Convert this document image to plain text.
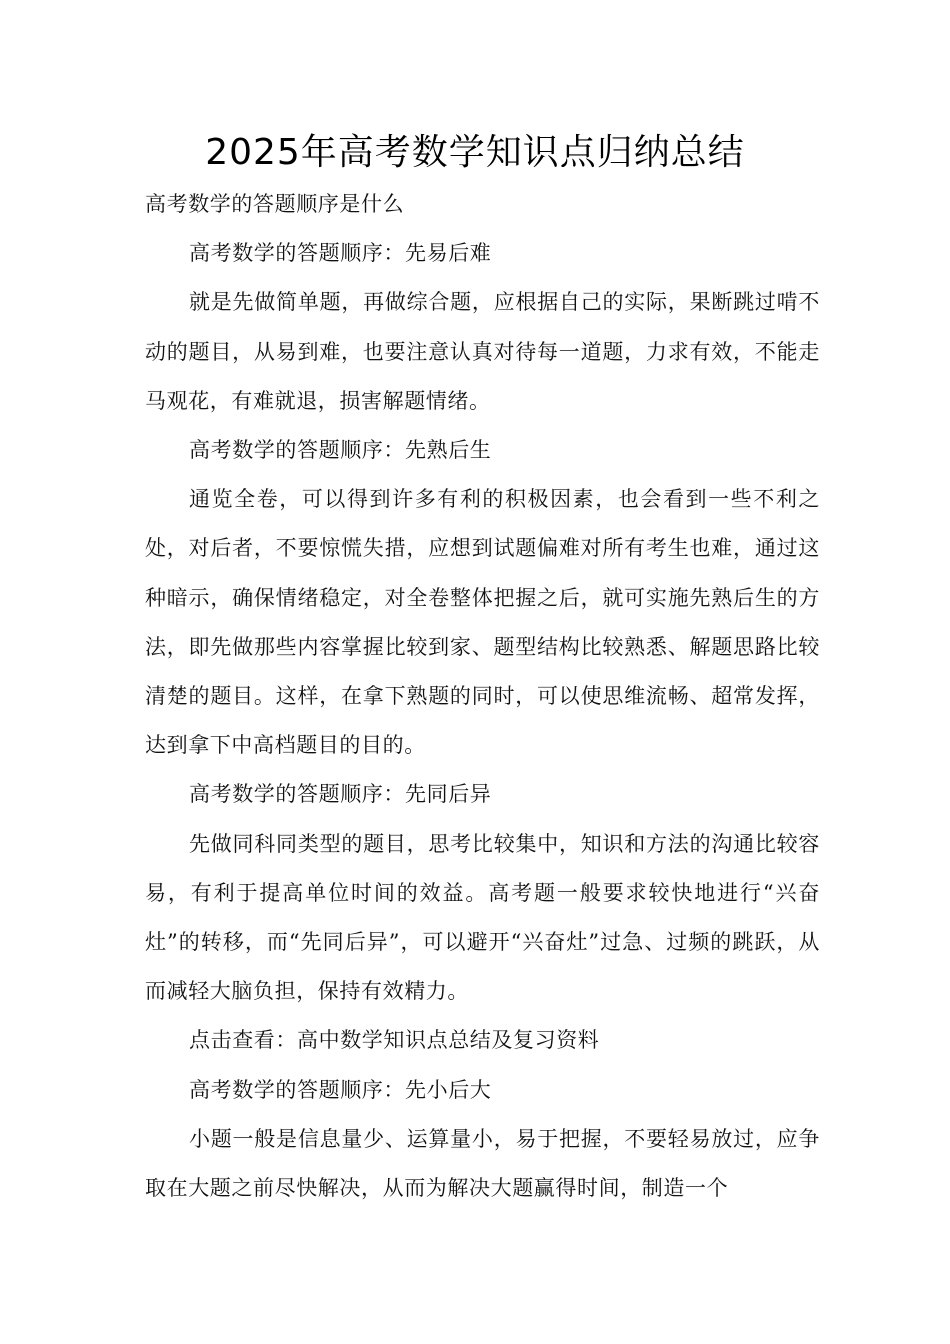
2025年高考数学知识点归纳总结

高考数学的答题顺序是什么

高考数学的答题顺序：先易后难

就是先做简单题，再做综合题，应根据自己的实际，果断跳过啃不动的题目，从易到难，也要注意认真对待每一道题，力求有效，不能走马观花，有难就退，损害解题情绪。

高考数学的答题顺序：先熟后生

通览全卷，可以得到许多有利的积极因素，也会看到一些不利之处，对后者，不要惊慌失措，应想到试题偏难对所有考生也难，通过这种暗示，确保情绪稳定，对全卷整体把握之后，就可实施先熟后生的方法，即先做那些内容掌握比较到家、题型结构比较熟悉、解题思路比较清楚的题目。这样，在拿下熟题的同时，可以使思维流畅、超常发挥，达到拿下中高档题目的目的。

高考数学的答题顺序：先同后异

先做同科同类型的题目，思考比较集中，知识和方法的沟通比较容易，有利于提高单位时间的效益。高考题一般要求较快地进行“兴奋灶”的转移，而“先同后异”，可以避开“兴奋灶”过急、过频的跳跃，从而减轻大脑负担，保持有效精力。

点击查看：高中数学知识点总结及复习资料

高考数学的答题顺序：先小后大

小题一般是信息量少、运算量小，易于把握，不要轻易放过，应争取在大题之前尽快解决，从而为解决大题赢得时间，制造一个
